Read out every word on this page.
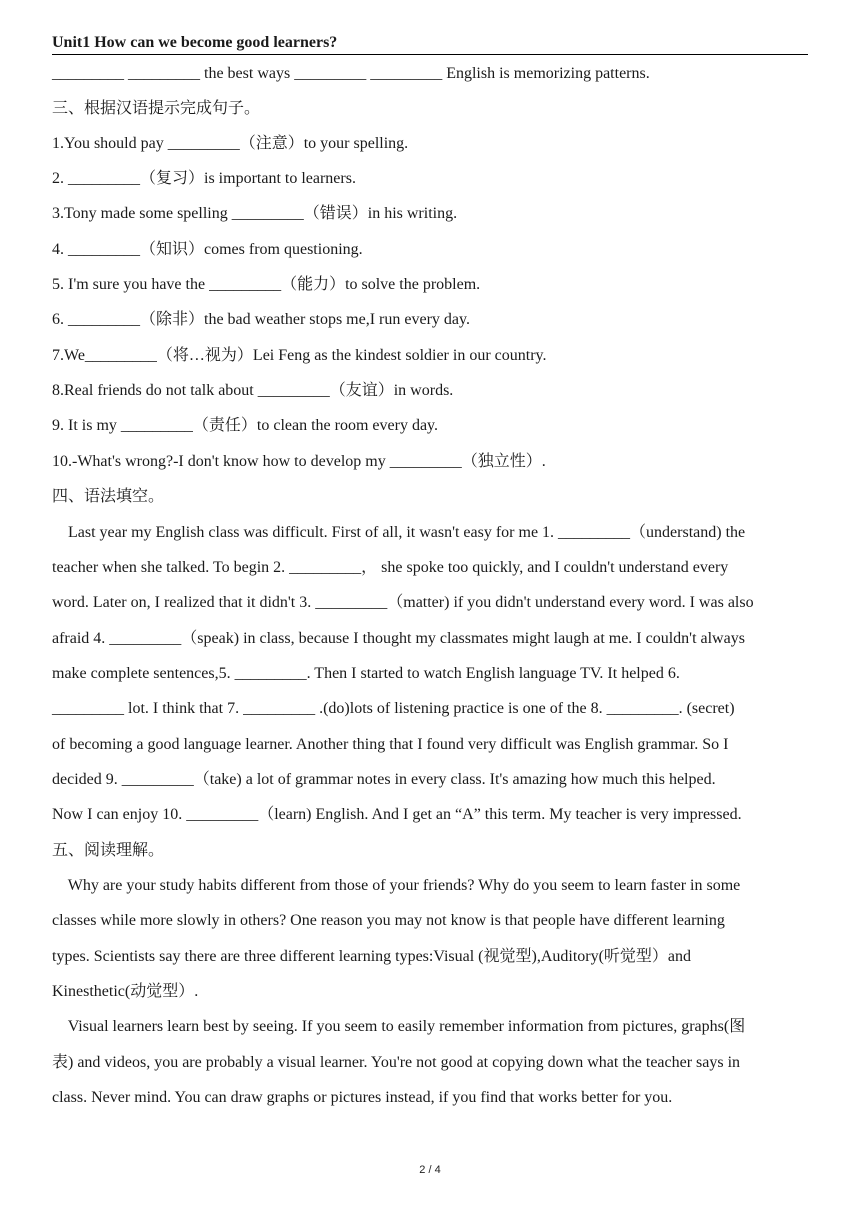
Unit1 How can we become good learners?
_________ _________ the best ways _________ _________ English is memorizing patterns.
三、根据汉语提示完成句子。
1.You should pay _________（注意）to your spelling.
2. _________（复习）is important to learners.
3.Tony made some spelling _________（错误）in his writing.
4. _________（知识）comes from questioning.
5. I'm sure you have the _________（能力）to solve the problem.
6. _________（除非）the bad weather stops me,I run every day.
7.We_________（将…视为）Lei Feng as the kindest soldier in our country.
8.Real friends do not talk about _________（友谊）in words.
9. It is my _________（责任）to clean the room every day.
10.-What's wrong?-I don't know how to develop my _________（独立性）.
四、语法填空。
Last year my English class was difficult. First of all, it wasn't easy for me 1. _________（understand) the
teacher when she talked. To begin 2. _________， she spoke too quickly, and I couldn't understand every
word. Later on, I realized that it didn't 3. _________（matter) if you didn't understand every word. I was also
afraid 4. _________（speak) in class, because I thought my classmates might laugh at me. I couldn't always
make complete sentences,5. _________. Then I started to watch English language TV. It helped 6.
_________ lot. I think that 7. _________ .(do)lots of listening practice is one of the 8. _________. (secret)
of becoming a good language learner. Another thing that I found very difficult was English grammar. So I
decided 9. _________（take) a lot of grammar notes in every class. It's amazing how much this helped.
Now I can enjoy 10. _________（learn) English. And I get an “A” this term. My teacher is very impressed.
五、阅读理解。
Why are your study habits different from those of your friends? Why do you seem to learn faster in some
classes while more slowly in others? One reason you may not know is that people have different learning
types. Scientists say there are three different learning types:Visual (视觉型),Auditory(听觉型）and
Kinesthetic(动觉型）.
Visual learners learn best by seeing. If you seem to easily remember information from pictures, graphs(图
表) and videos, you are probably a visual learner. You're not good at copying down what the teacher says in
class. Never mind. You can draw graphs or pictures instead, if you find that works better for you.
2 / 4
